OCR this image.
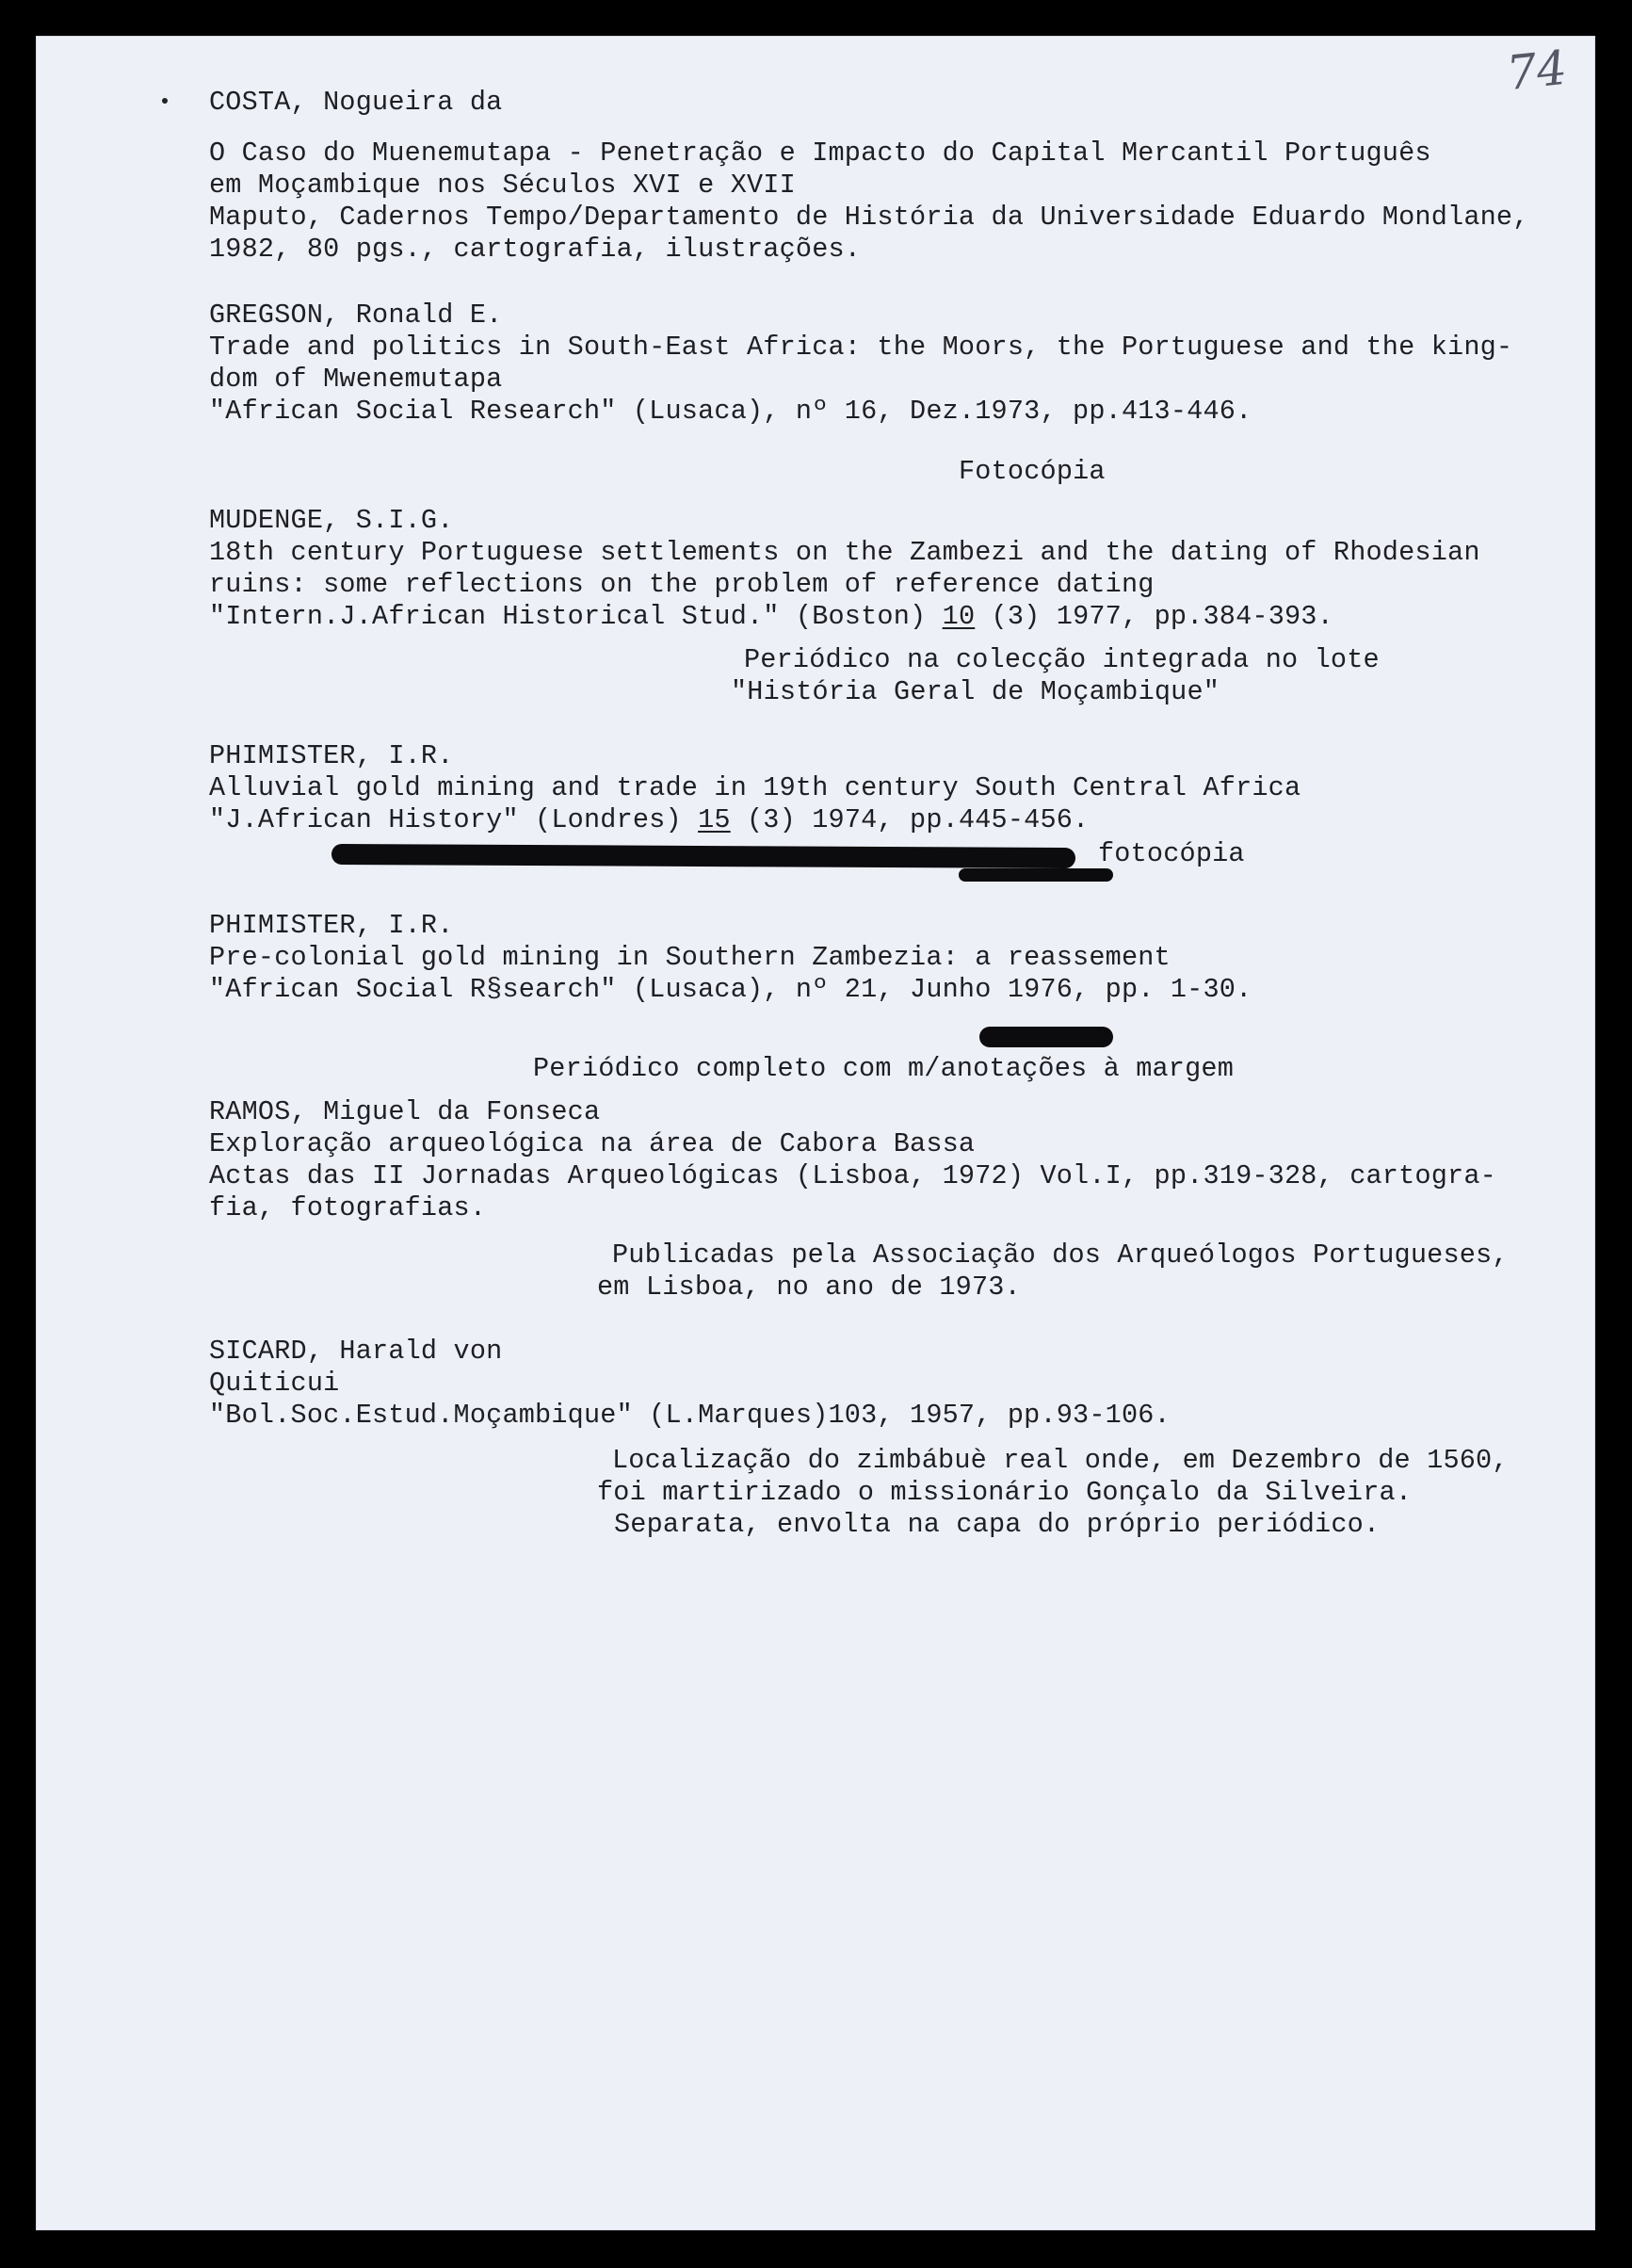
74
COSTA, Nogueira da
O Caso do Muenemutapa - Penetração e Impacto do Capital Mercantil Português
em Moçambique nos Séculos XVI e XVII
Maputo, Cadernos Tempo/Departamento de História da Universidade Eduardo Mondlane,
1982, 80 pgs., cartografia, ilustrações.
GREGSON, Ronald E.
Trade and politics in South-East Africa: the Moors, the Portuguese and the king-
dom of Mwenemutapa
"African Social Research" (Lusaca), nº 16, Dez.1973, pp.413-446.
Fotocópia
MUDENGE, S.I.G.
18th century Portuguese settlements on the Zambezi and the dating of Rhodesian
ruins: some reflections on the problem of reference dating
"Intern.J.African Historical Stud." (Boston) 10 (3) 1977, pp.384-393.
Periódico na colecção integrada no lote
"História Geral de Moçambique"
PHIMISTER, I.R.
Alluvial gold mining and trade in 19th century South Central Africa
"J.African History" (Londres) 15 (3) 1974, pp.445-456.
fotocópia
PHIMISTER, I.R.
Pre-colonial gold mining in Southern Zambezia: a reassement
"African Social R§search" (Lusaca), nº 21, Junho 1976, pp. 1-30.
Periódico completo com m/anotações à margem
RAMOS, Miguel da Fonseca
Exploração arqueológica na área de Cabora Bassa
Actas das II Jornadas Arqueológicas (Lisboa, 1972) Vol.I, pp.319-328, cartogra-
fia, fotografias.
Publicadas pela Associação dos Arqueólogos Portugueses,
em Lisboa, no ano de 1973.
SICARD, Harald von
Quiticui
"Bol.Soc.Estud.Moçambique" (L.Marques)103, 1957, pp.93-106.
Localização do zimbábuè real onde, em Dezembro de 1560,
foi martirizado o missionário Gonçalo da Silveira.
Separata, envolta na capa do próprio periódico.
